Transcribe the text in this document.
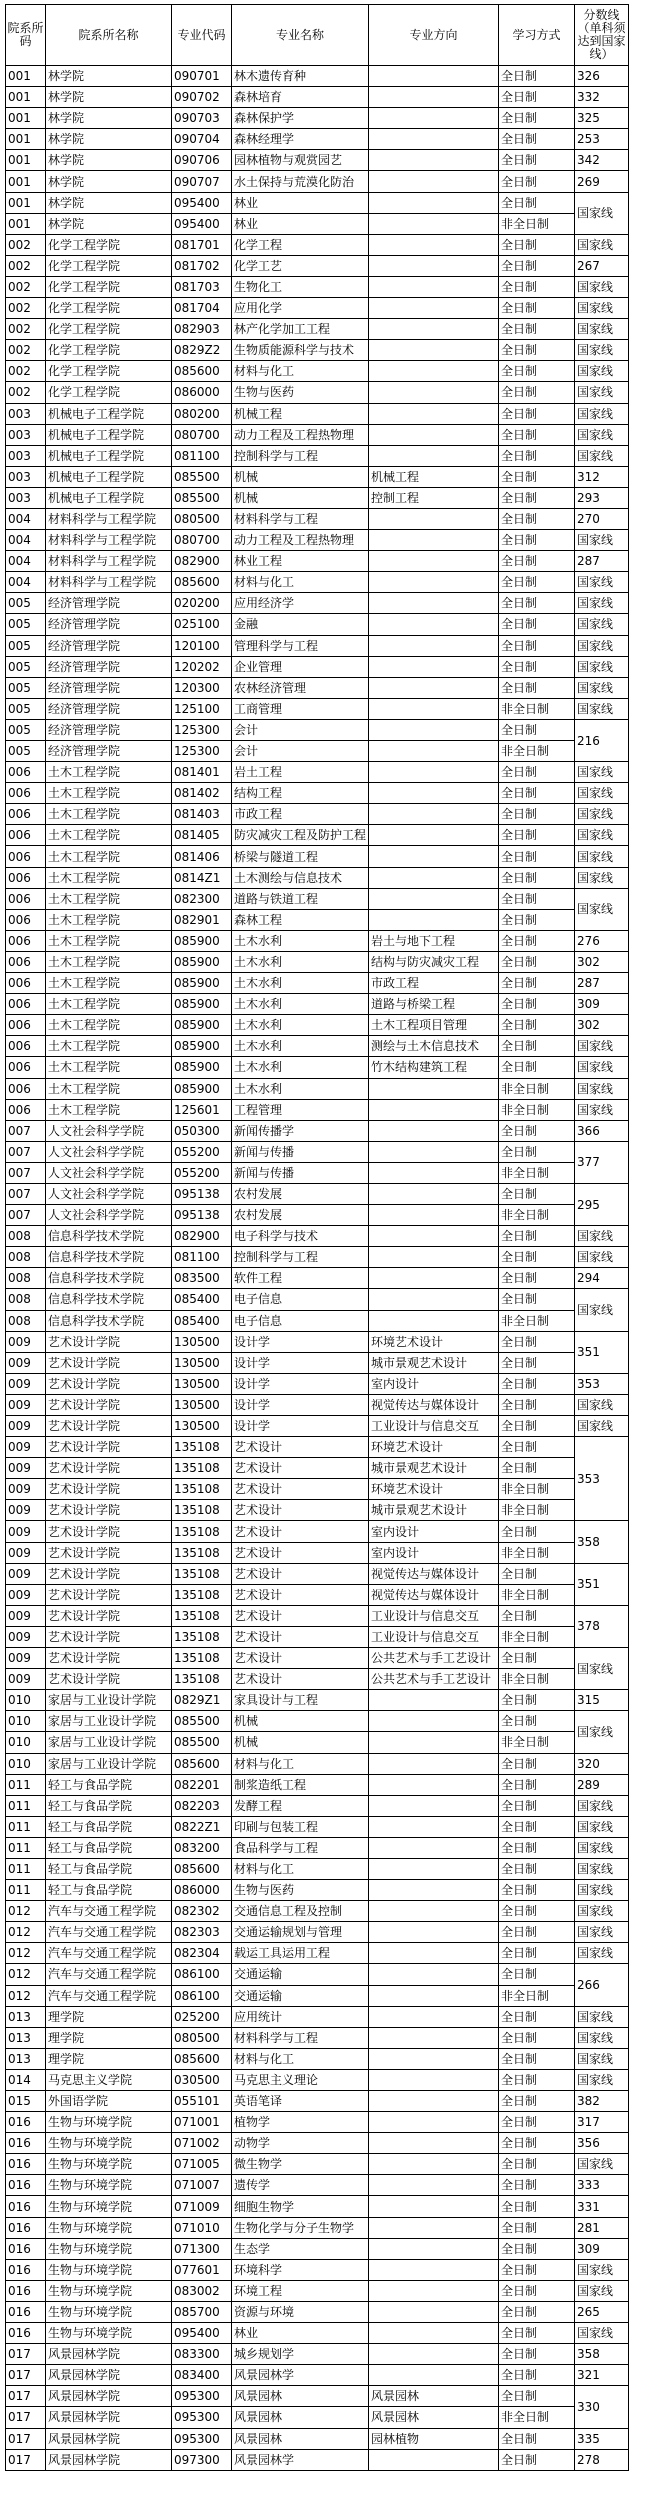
院系所码	院系所名称	专业代码	专业名称	专业方向	学习方式	分数线（单科须达到国家线）
001	林学院	090701	林木遗传育种		全日制	326
001	林学院	090702	森林培育		全日制	332
001	林学院	090703	森林保护学		全日制	325
001	林学院	090704	森林经理学		全日制	253
001	林学院	090706	园林植物与观赏园艺		全日制	342
001	林学院	090707	水土保持与荒漠化防治		全日制	269
001	林学院	095400	林业		全日制	国家线
001	林学院	095400	林业		非全日制	
002	化学工程学院	081701	化学工程		全日制	国家线
002	化学工程学院	081702	化学工艺		全日制	267
002	化学工程学院	081703	生物化工		全日制	国家线
002	化学工程学院	081704	应用化学		全日制	国家线
002	化学工程学院	082903	林产化学加工工程		全日制	国家线
002	化学工程学院	0829Z2	生物质能源科学与技术		全日制	国家线
002	化学工程学院	085600	材料与化工		全日制	国家线
002	化学工程学院	086000	生物与医药		全日制	国家线
003	机械电子工程学院	080200	机械工程		全日制	国家线
003	机械电子工程学院	080700	动力工程及工程热物理		全日制	国家线
003	机械电子工程学院	081100	控制科学与工程		全日制	国家线
003	机械电子工程学院	085500	机械	机械工程	全日制	312
003	机械电子工程学院	085500	机械	控制工程	全日制	293
004	材料科学与工程学院	080500	材料科学与工程		全日制	270
004	材料科学与工程学院	080700	动力工程及工程热物理		全日制	国家线
004	材料科学与工程学院	082900	林业工程		全日制	287
004	材料科学与工程学院	085600	材料与化工		全日制	国家线
005	经济管理学院	020200	应用经济学		全日制	国家线
005	经济管理学院	025100	金融		全日制	国家线
005	经济管理学院	120100	管理科学与工程		全日制	国家线
005	经济管理学院	120202	企业管理		全日制	国家线
005	经济管理学院	120300	农林经济管理		全日制	国家线
005	经济管理学院	125100	工商管理		非全日制	国家线
005	经济管理学院	125300	会计		全日制	216
005	经济管理学院	125300	会计		非全日制	
006	土木工程学院	081401	岩土工程		全日制	国家线
006	土木工程学院	081402	结构工程		全日制	国家线
006	土木工程学院	081403	市政工程		全日制	国家线
006	土木工程学院	081405	防灾减灾工程及防护工程		全日制	国家线
006	土木工程学院	081406	桥梁与隧道工程		全日制	国家线
006	土木工程学院	0814Z1	土木测绘与信息技术		全日制	国家线
006	土木工程学院	082300	道路与铁道工程		全日制	国家线
006	土木工程学院	082901	森林工程		全日制	
006	土木工程学院	085900	土木水利	岩土与地下工程	全日制	276
006	土木工程学院	085900	土木水利	结构与防灾减灾工程	全日制	302
006	土木工程学院	085900	土木水利	市政工程	全日制	287
006	土木工程学院	085900	土木水利	道路与桥梁工程	全日制	309
006	土木工程学院	085900	土木水利	土木工程项目管理	全日制	302
006	土木工程学院	085900	土木水利	测绘与土木信息技术	全日制	国家线
006	土木工程学院	085900	土木水利	竹木结构建筑工程	全日制	国家线
006	土木工程学院	085900	土木水利		非全日制	国家线
006	土木工程学院	125601	工程管理		非全日制	国家线
007	人文社会科学学院	050300	新闻传播学		全日制	366
007	人文社会科学学院	055200	新闻与传播		全日制	377
007	人文社会科学学院	055200	新闻与传播		非全日制	
007	人文社会科学学院	095138	农村发展		全日制	295
007	人文社会科学学院	095138	农村发展		非全日制	
008	信息科学技术学院	082900	电子科学与技术		全日制	国家线
008	信息科学技术学院	081100	控制科学与工程		全日制	国家线
008	信息科学技术学院	083500	软件工程		全日制	294
008	信息科学技术学院	085400	电子信息		全日制	国家线
008	信息科学技术学院	085400	电子信息		非全日制	
009	艺术设计学院	130500	设计学	环境艺术设计	全日制	351
009	艺术设计学院	130500	设计学	城市景观艺术设计	全日制	
009	艺术设计学院	130500	设计学	室内设计	全日制	353
009	艺术设计学院	130500	设计学	视觉传达与媒体设计	全日制	国家线
009	艺术设计学院	130500	设计学	工业设计与信息交互	全日制	国家线
009	艺术设计学院	135108	艺术设计	环境艺术设计	全日制	353
009	艺术设计学院	135108	艺术设计	城市景观艺术设计	全日制	
009	艺术设计学院	135108	艺术设计	环境艺术设计	非全日制	
009	艺术设计学院	135108	艺术设计	城市景观艺术设计	非全日制	
009	艺术设计学院	135108	艺术设计	室内设计	全日制	358
009	艺术设计学院	135108	艺术设计	室内设计	非全日制	
009	艺术设计学院	135108	艺术设计	视觉传达与媒体设计	全日制	351
009	艺术设计学院	135108	艺术设计	视觉传达与媒体设计	非全日制	
009	艺术设计学院	135108	艺术设计	工业设计与信息交互	全日制	378
009	艺术设计学院	135108	艺术设计	工业设计与信息交互	非全日制	
009	艺术设计学院	135108	艺术设计	公共艺术与手工艺设计	全日制	国家线
009	艺术设计学院	135108	艺术设计	公共艺术与手工艺设计	非全日制	
010	家居与工业设计学院	0829Z1	家具设计与工程		全日制	315
010	家居与工业设计学院	085500	机械		全日制	国家线
010	家居与工业设计学院	085500	机械		非全日制	
010	家居与工业设计学院	085600	材料与化工		全日制	320
011	轻工与食品学院	082201	制浆造纸工程		全日制	289
011	轻工与食品学院	082203	发酵工程		全日制	国家线
011	轻工与食品学院	0822Z1	印刷与包装工程		全日制	国家线
011	轻工与食品学院	083200	食品科学与工程		全日制	国家线
011	轻工与食品学院	085600	材料与化工		全日制	国家线
011	轻工与食品学院	086000	生物与医药		全日制	国家线
012	汽车与交通工程学院	082302	交通信息工程及控制		全日制	国家线
012	汽车与交通工程学院	082303	交通运输规划与管理		全日制	国家线
012	汽车与交通工程学院	082304	载运工具运用工程		全日制	国家线
012	汽车与交通工程学院	086100	交通运输		全日制	266
012	汽车与交通工程学院	086100	交通运输		非全日制	
013	理学院	025200	应用统计		全日制	国家线
013	理学院	080500	材料科学与工程		全日制	国家线
013	理学院	085600	材料与化工		全日制	国家线
014	马克思主义学院	030500	马克思主义理论		全日制	国家线
015	外国语学院	055101	英语笔译		全日制	382
016	生物与环境学院	071001	植物学		全日制	317
016	生物与环境学院	071002	动物学		全日制	356
016	生物与环境学院	071005	微生物学		全日制	国家线
016	生物与环境学院	071007	遗传学		全日制	333
016	生物与环境学院	071009	细胞生物学		全日制	331
016	生物与环境学院	071010	生物化学与分子生物学		全日制	281
016	生物与环境学院	071300	生态学		全日制	309
016	生物与环境学院	077601	环境科学		全日制	国家线
016	生物与环境学院	083002	环境工程		全日制	国家线
016	生物与环境学院	085700	资源与环境		全日制	265
016	生物与环境学院	095400	林业		全日制	国家线
017	风景园林学院	083300	城乡规划学		全日制	358
017	风景园林学院	083400	风景园林学		全日制	321
017	风景园林学院	095300	风景园林	风景园林	全日制	330
017	风景园林学院	095300	风景园林	风景园林	非全日制	
017	风景园林学院	095300	风景园林	园林植物	全日制	335
017	风景园林学院	097300	风景园林学		全日制	278
